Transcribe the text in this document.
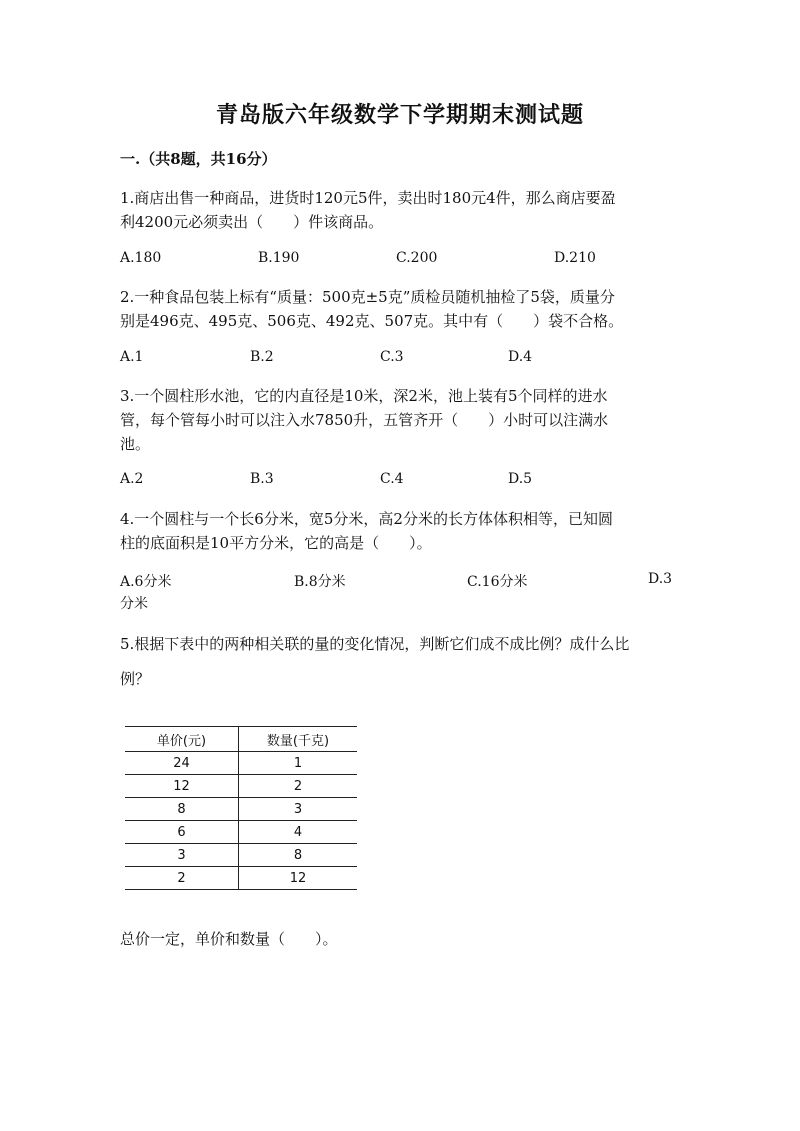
青岛版六年级数学下学期期末测试题
一.（共8题，共16分）
1.商店出售一种商品，进货时120元5件，卖出时180元4件，那么商店要盈
利4200元必须卖出（　　）件该商品。
A.180	B.190	C.200	D.210
2.一种食品包装上标有“质量：500克±5克”质检员随机抽检了5袋，质量分
别是496克、495克、506克、492克、507克。其中有（　　）袋不合格。
A.1	B.2	C.3	D.4
3.一个圆柱形水池，它的内直径是10米，深2米，池上装有5个同样的进水
管，每个管每小时可以注入水7850升，五管齐开（　　）小时可以注满水
池。
A.2	B.3	C.4	D.5
4.一个圆柱与一个长6分米，宽5分米，高2分米的长方体体积相等，已知圆
柱的底面积是10平方分米，它的高是（　　）。
A.6分米	B.8分米	C.16分米	D.3
分米
5.根据下表中的两种相关联的量的变化情况，判断它们成不成比例？成什么比
例？
单价(元)	数量(千克)
24	1
12	2
8	3
6	4
3	8
2	12
总价一定，单价和数量（　　）。
